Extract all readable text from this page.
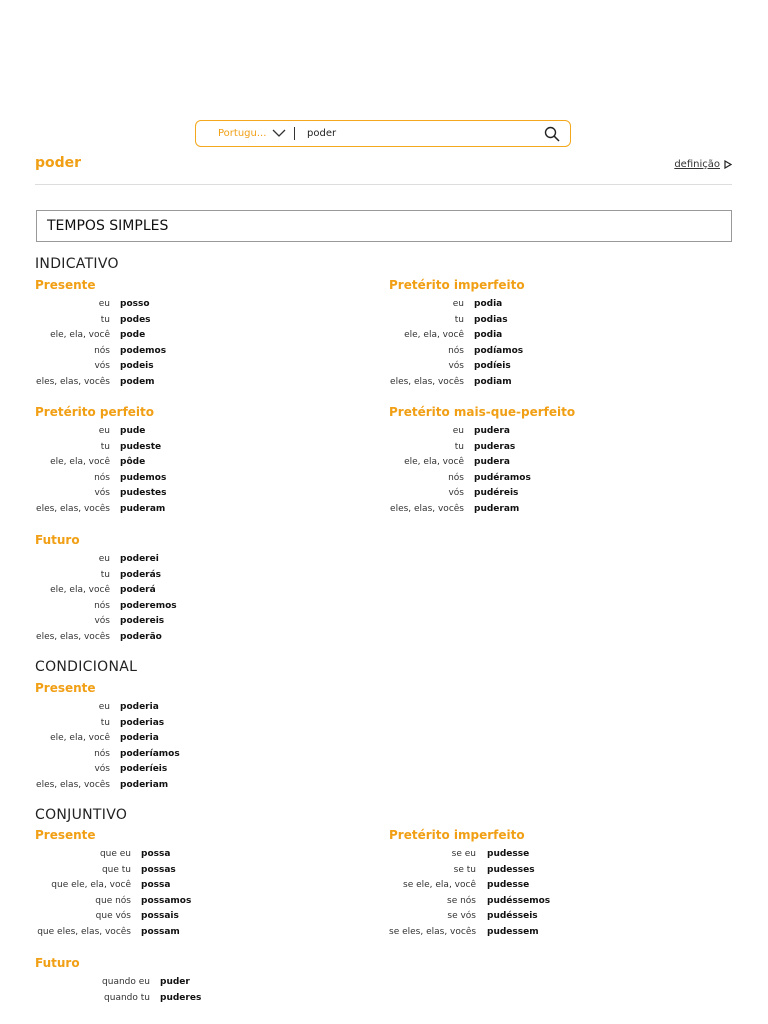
Portugu...
poder
poder	definição
TEMPOS SIMPLES
INDICATIVO
Presente	Pretérito imperfeito
Pretérito perfeito	Pretérito mais-que-perfeito
Futuro
CONDICIONAL
Presente
CONJUNTIVO
Presente	Pretérito imperfeito
Futuro
eu posso
tu podes
ele, ela, você pode
nós podemos
vós podeis
eles, elas, vocês podem
eu podia
tu podias
ele, ela, você podia
nós podíamos
vós podíeis
eles, elas, vocês podiam
eu pude
tu pudeste
ele, ela, você pôde
nós pudemos
vós pudestes
eles, elas, vocês puderam
eu pudera
tu puderas
ele, ela, você pudera
nós pudéramos
vós pudéreis
eles, elas, vocês puderam
eu poderei
tu poderás
ele, ela, você poderá
nós poderemos
vós podereis
eles, elas, vocês poderão
eu poderia
tu poderias
ele, ela, você poderia
nós poderíamos
vós poderíeis
eles, elas, vocês poderiam
que eu possa
que tu possas
que ele, ela, você possa
que nós possamos
que vós possais
que eles, elas, vocês possam
se eu pudesse
se tu pudesses
se ele, ela, você pudesse
se nós pudéssemos
se vós pudésseis
se eles, elas, vocês pudessem
quando eu puder
quando tu puderes
